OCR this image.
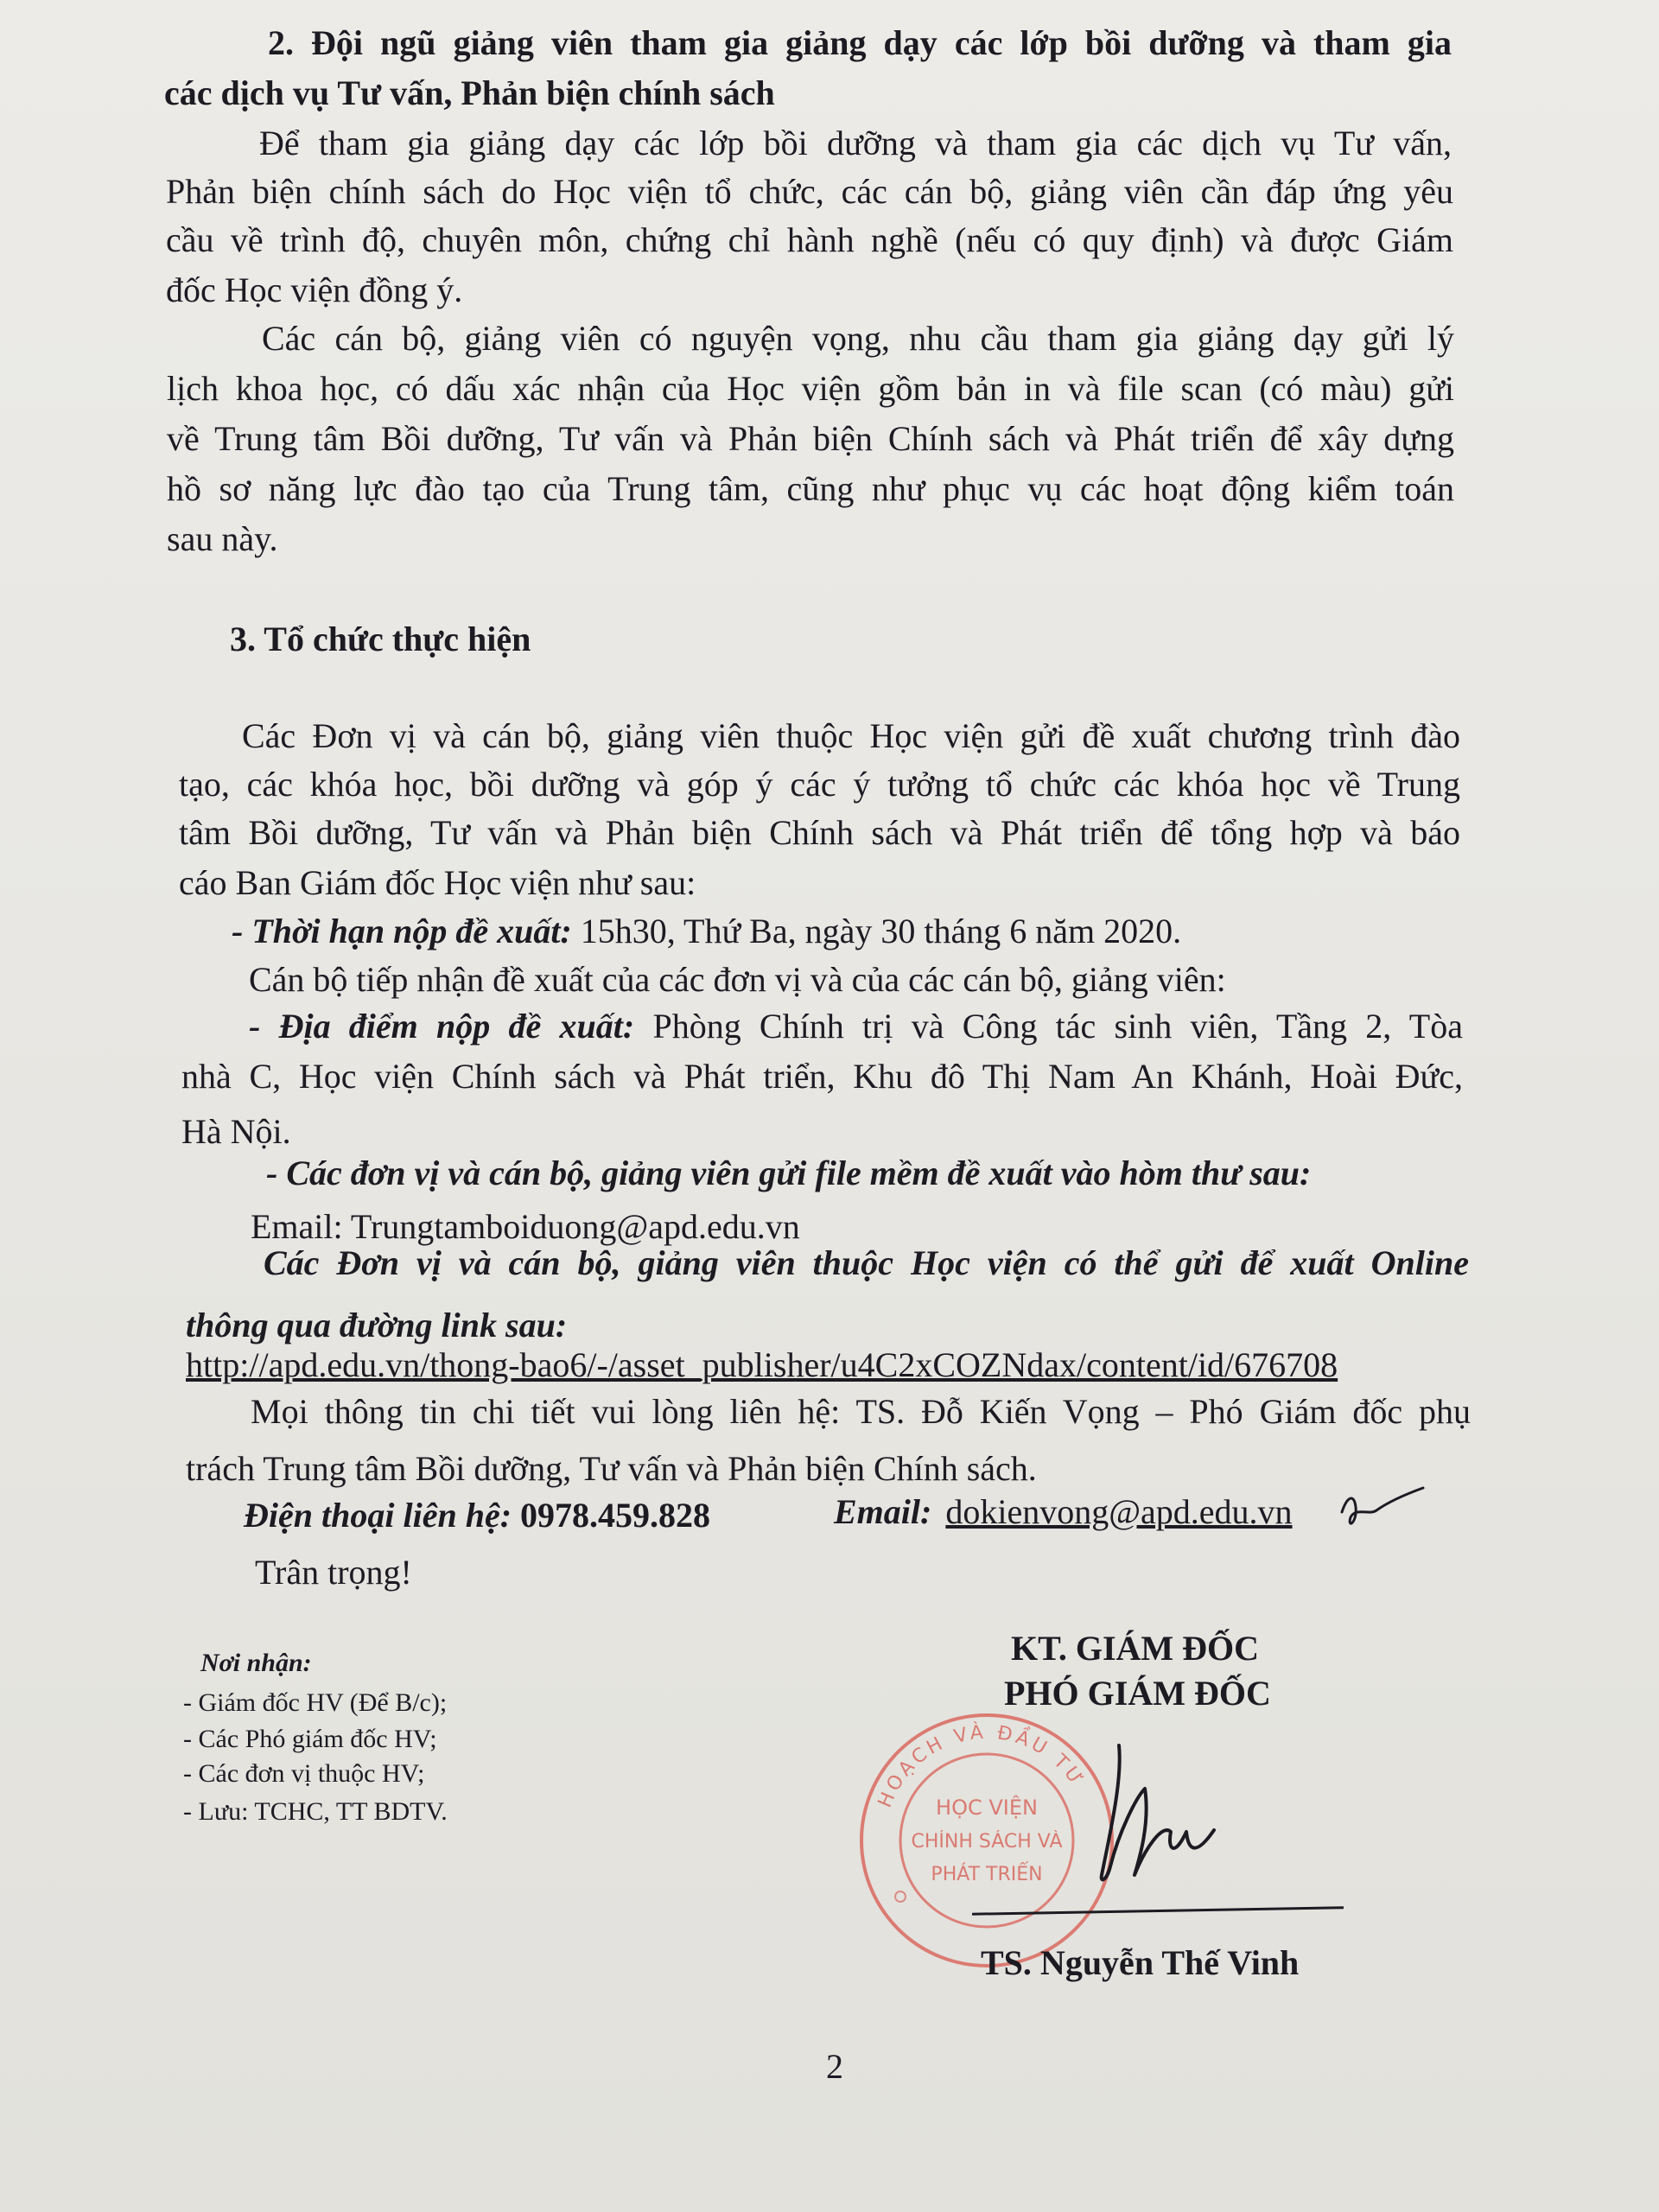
2. Đội ngũ giảng viên tham gia giảng dạy các lớp bồi dưỡng và tham gia
các dịch vụ Tư vấn, Phản biện chính sách
Để tham gia giảng dạy các lớp bồi dưỡng và tham gia các dịch vụ Tư vấn,
Phản biện chính sách do Học viện tổ chức, các cán bộ, giảng viên cần đáp ứng yêu
cầu về trình độ, chuyên môn, chứng chỉ hành nghề (nếu có quy định) và được Giám
đốc Học viện đồng ý.
Các cán bộ, giảng viên có nguyện vọng, nhu cầu tham gia giảng dạy gửi lý
lịch khoa học, có dấu xác nhận của Học viện gồm bản in và file scan (có màu) gửi
về Trung tâm Bồi dưỡng, Tư vấn và Phản biện Chính sách và Phát triển để xây dựng
hồ sơ năng lực đào tạo của Trung tâm, cũng như phục vụ các hoạt động kiểm toán
sau này.
3. Tổ chức thực hiện
Các Đơn vị và cán bộ, giảng viên thuộc Học viện gửi đề xuất chương trình đào
tạo, các khóa học, bồi dưỡng và góp ý các ý tưởng tổ chức các khóa học về Trung
tâm Bồi dưỡng, Tư vấn và Phản biện Chính sách và Phát triển để tổng hợp và báo
cáo Ban Giám đốc Học viện như sau:
- Thời hạn nộp đề xuất: 15h30, Thứ Ba, ngày 30 tháng 6 năm 2020.
Cán bộ tiếp nhận đề xuất của các đơn vị và của các cán bộ, giảng viên:
- Địa điểm nộp đề xuất: Phòng Chính trị và Công tác sinh viên, Tầng 2, Tòa
nhà C, Học viện Chính sách và Phát triển, Khu đô Thị Nam An Khánh, Hoài Đức,
Hà Nội.
- Các đơn vị và cán bộ, giảng viên gửi file mềm đề xuất vào hòm thư sau:
Email: Trungtamboiduong@apd.edu.vn
Các Đơn vị và cán bộ, giảng viên thuộc Học viện có thể gửi để xuất Online
thông qua đường link sau:
http://apd.edu.vn/thong-bao6/-/asset_publisher/u4C2xCOZNdax/content/id/676708
Mọi thông tin chi tiết vui lòng liên hệ: TS. Đỗ Kiến Vọng – Phó Giám đốc phụ
trách Trung tâm Bồi dưỡng, Tư vấn và Phản biện Chính sách.
Điện thoại liên hệ: 0978.459.828	Email: dokienvong@apd.edu.vn
Trân trọng!
Nơi nhận:
- Giám đốc HV (Để B/c);
- Các Phó giám đốc HV;
- Các đơn vị thuộc HV;
- Lưu: TCHC, TT BDTV.
KT. GIÁM ĐỐC
PHÓ GIÁM ĐỐC
HOẠCH VÀ ĐẦU TƯ
HỌC VIỆN
CHÍNH SÁCH VÀ
PHÁT TRIỂN
TS. Nguyễn Thế Vinh
2
